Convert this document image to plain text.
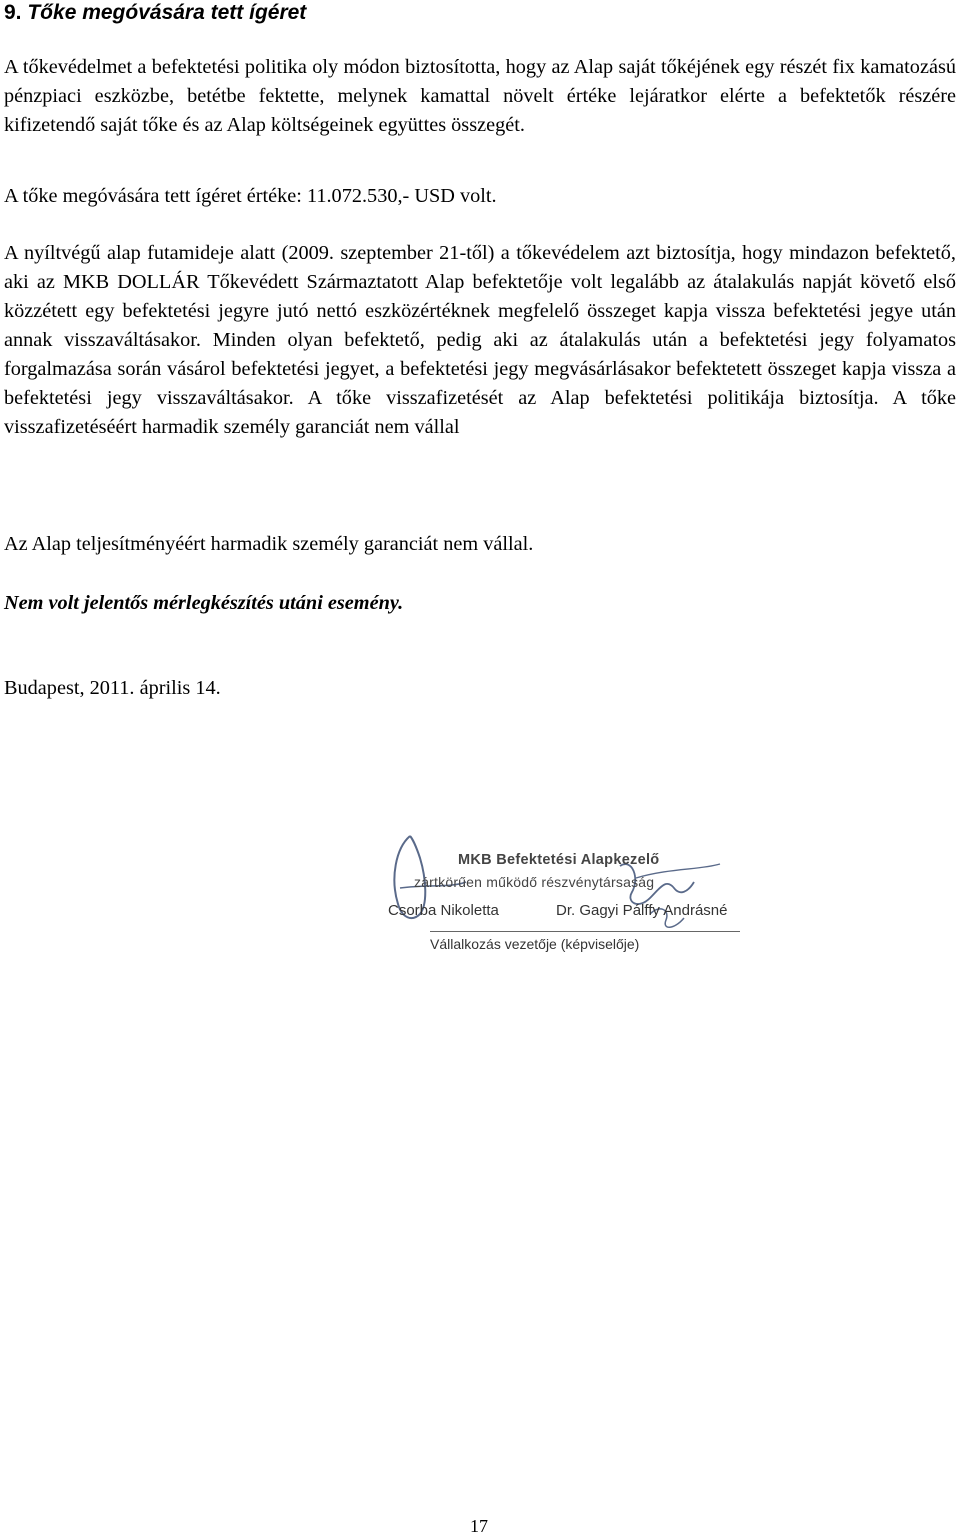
9. Tőke megóvására tett ígéret

A tőkevédelmet a befektetési politika oly módon biztosította, hogy az Alap saját tőkéjének egy részét fix kamatozású pénzpiaci eszközbe, betétbe fektette, melynek kamattal növelt értéke lejáratkor elérte a befektetők részére kifizetendő saját tőke és az Alap költségeinek együttes összegét.

A tőke megóvására tett ígéret értéke: 11.072.530,- USD volt.

A nyíltvégű alap futamideje alatt (2009. szeptember 21-től) a tőkevédelem azt biztosítja, hogy mindazon befektető, aki az MKB DOLLÁR Tőkevédett Származtatott Alap befektetője volt legalább az átalakulás napját követő első közzétett egy befektetési jegyre jutó nettó eszközértéknek megfelelő összeget kapja vissza befektetési jegye után annak visszaváltásakor. Minden olyan befektető, pedig aki az átalakulás után a befektetési jegy folyamatos forgalmazása során vásárol befektetési jegyet, a befektetési jegy megvásárlásakor befektetett összeget kapja vissza a befektetési jegy visszaváltásakor. A tőke visszafizetését az Alap befektetési politikája biztosítja. A tőke visszafizetéséért harmadik személy garanciát nem vállal

Az Alap teljesítményéért harmadik személy garanciát nem vállal.

Nem volt jelentős mérlegkészítés utáni esemény.

Budapest, 2011. április 14.

MKB Befektetési Alapkezelő
zártkörűen működő részvénytársaság
Csorba Nikoletta	Dr. Gagyi Pálffy Andrásné
Vállalkozás vezetője (képviselője)

17
